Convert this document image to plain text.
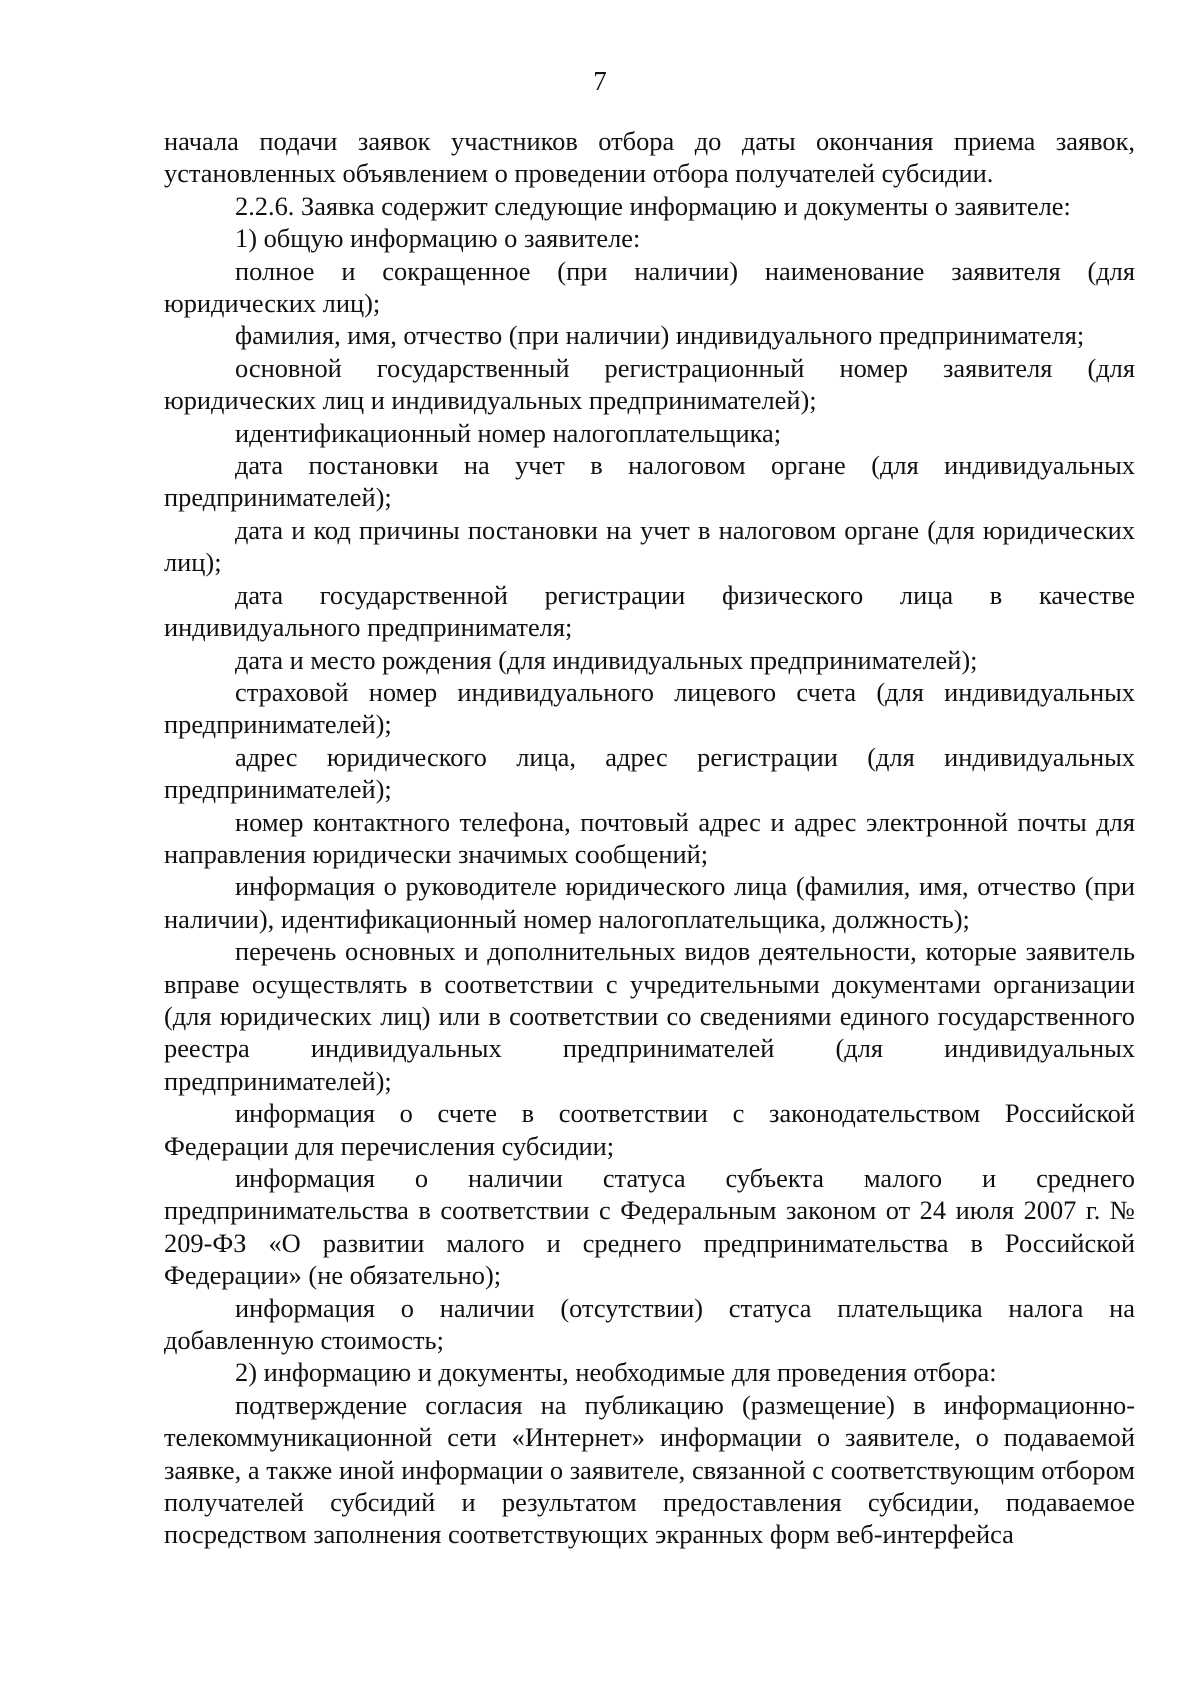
7

начала подачи заявок участников отбора до даты окончания приема заявок, установленных объявлением о проведении отбора получателей субсидии.

2.2.6. Заявка содержит следующие информацию и документы о заявителе:

1) общую информацию о заявителе:

полное и сокращенное (при наличии) наименование заявителя (для юридических лиц);

фамилия, имя, отчество (при наличии) индивидуального предпринимателя;

основной государственный регистрационный номер заявителя (для юридических лиц и индивидуальных предпринимателей);

идентификационный номер налогоплательщика;

дата постановки на учет в налоговом органе (для индивидуальных предпринимателей);

дата и код причины постановки на учет в налоговом органе (для юридических лиц);

дата государственной регистрации физического лица в качестве индивидуального предпринимателя;

дата и место рождения (для индивидуальных предпринимателей);

страховой номер индивидуального лицевого счета (для индивидуальных предпринимателей);

адрес юридического лица, адрес регистрации (для индивидуальных предпринимателей);

номер контактного телефона, почтовый адрес и адрес электронной почты для направления юридически значимых сообщений;

информация о руководителе юридического лица (фамилия, имя, отчество (при наличии), идентификационный номер налогоплательщика, должность);

перечень основных и дополнительных видов деятельности, которые заявитель вправе осуществлять в соответствии с учредительными документами организации (для юридических лиц) или в соответствии со сведениями единого государственного реестра индивидуальных предпринимателей (для индивидуальных предпринимателей);

информация о счете в соответствии с законодательством Российской Федерации для перечисления субсидии;

информация о наличии статуса субъекта малого и среднего предпринимательства в соответствии с Федеральным законом от 24 июля 2007 г. № 209-ФЗ «О развитии малого и среднего предпринимательства в Российской Федерации» (не обязательно);

информация о наличии (отсутствии) статуса плательщика налога на добавленную стоимость;

2) информацию и документы, необходимые для проведения отбора:

подтверждение согласия на публикацию (размещение) в информационно-телекоммуникационной сети «Интернет» информации о заявителе, о подаваемой заявке, а также иной информации о заявителе, связанной с соответствующим отбором получателей субсидий и результатом предоставления субсидии, подаваемое посредством заполнения соответствующих экранных форм веб-интерфейса
